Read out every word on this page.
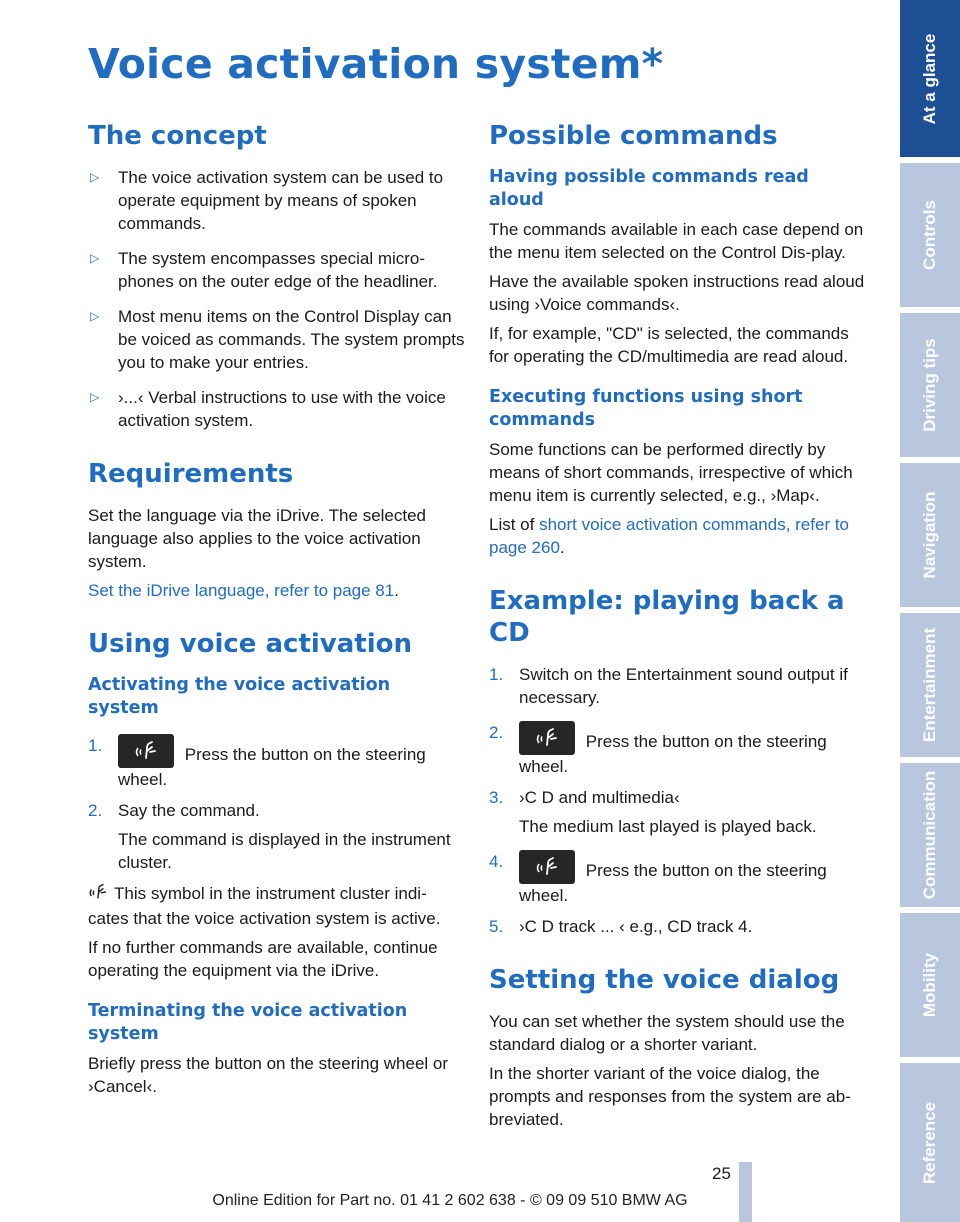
Voice activation system*
The concept
▷ The voice activation system can be used to operate equipment by means of spoken commands.
▷ The system encompasses special micro-phones on the outer edge of the headliner.
▷ Most menu items on the Control Display can be voiced as commands. The system prompts you to make your entries.
▷ ›...‹ Verbal instructions to use with the voice activation system.
Requirements

Set the language via the iDrive. The selected language also applies to the voice activation system.

Set the iDrive language, refer to page 81.

Using voice activation
Activating the voice activation system
1.	Press the button on the steering wheel.
2. Say the command.
The command is displayed in the instrument cluster.

This symbol in the instrument cluster indi-cates that the voice activation system is active.

If no further commands are available, continue operating the equipment via the iDrive.

Terminating the voice activation system

Briefly press the button on the steering wheel or ›Cancel‹.

Possible commands
Having possible commands read aloud

The commands available in each case depend on the menu item selected on the Control Dis-play.

Have the available spoken instructions read aloud using ›Voice commands‹.

If, for example, "CD" is selected, the commands for operating the CD/multimedia are read aloud.

Executing functions using short commands

Some functions can be performed directly by means of short commands, irrespective of which menu item is currently selected, e.g., ›Map‹.

List of short voice activation commands, refer to page 260.

Example: playing back a CD
1. Switch on the Entertainment sound output if necessary.
2.	Press the button on the steering wheel.
3. ›C D and multimedia‹
The medium last played is played back.
4.	Press the button on the steering wheel.
5. ›C D track ... ‹ e.g., CD track 4.
Setting the voice dialog

You can set whether the system should use the standard dialog or a shorter variant.

In the shorter variant of the voice dialog, the prompts and responses from the system are ab-breviated.

At a glance
Controls
Driving tips
Navigation
Entertainment
Communication
Mobility
Reference
25
Online Edition for Part no. 01 41 2 602 638 - © 09 09 510 BMW AG
